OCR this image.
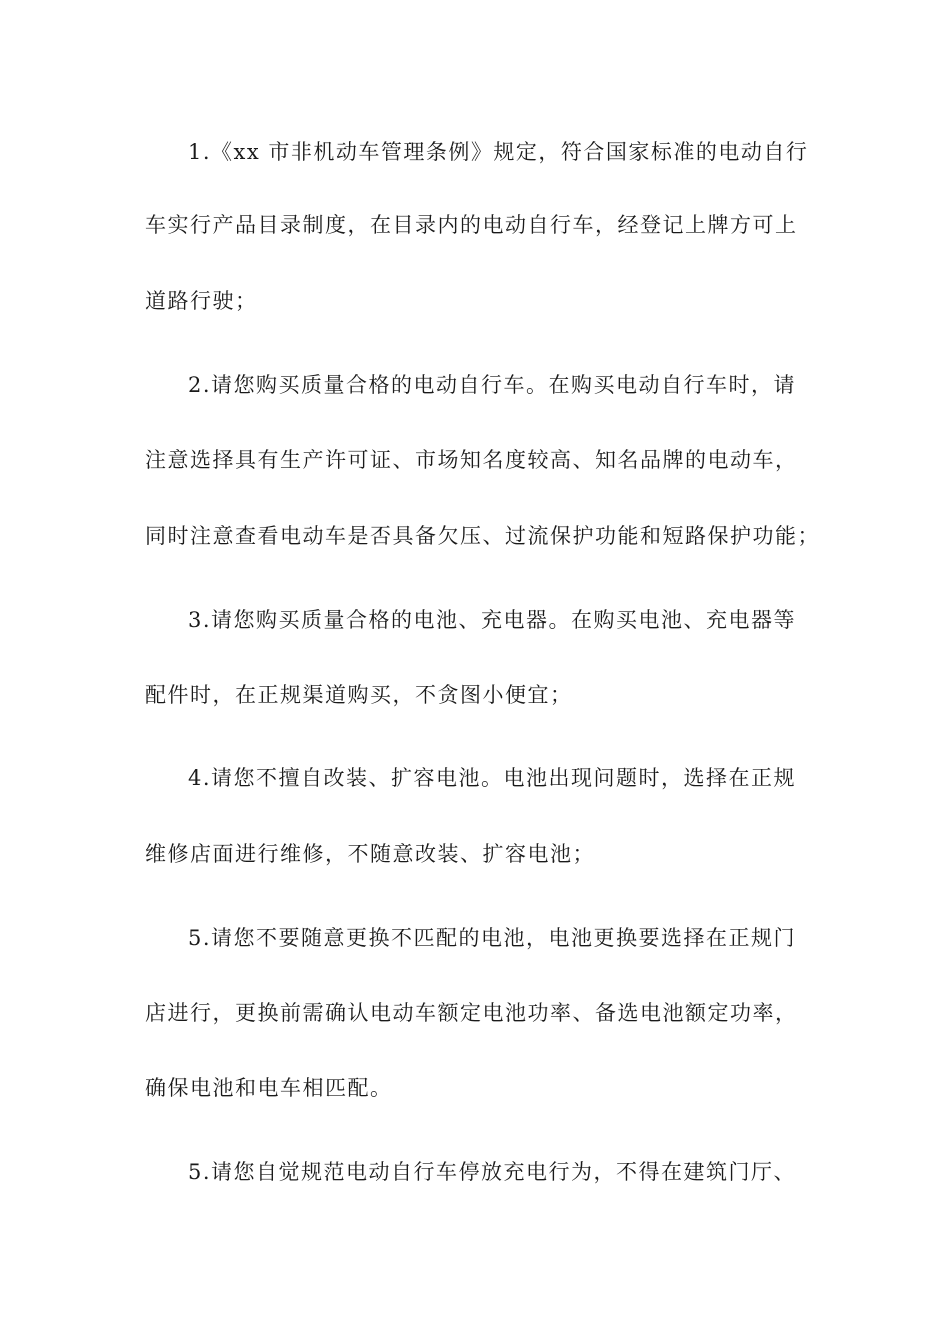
1.《xx 市非机动车管理条例》规定，符合国家标准的电动自行
车实行产品目录制度，在目录内的电动自行车，经登记上牌方可上
道路行驶；
2.请您购买质量合格的电动自行车。在购买电动自行车时，请
注意选择具有生产许可证、市场知名度较高、知名品牌的电动车，
同时注意查看电动车是否具备欠压、过流保护功能和短路保护功能；
3.请您购买质量合格的电池、充电器。在购买电池、充电器等
配件时，在正规渠道购买，不贪图小便宜；
4.请您不擅自改装、扩容电池。电池出现问题时，选择在正规
维修店面进行维修，不随意改装、扩容电池；
5.请您不要随意更换不匹配的电池，电池更换要选择在正规门
店进行，更换前需确认电动车额定电池功率、备选电池额定功率，
确保电池和电车相匹配。
5.请您自觉规范电动自行车停放充电行为，不得在建筑门厅、
